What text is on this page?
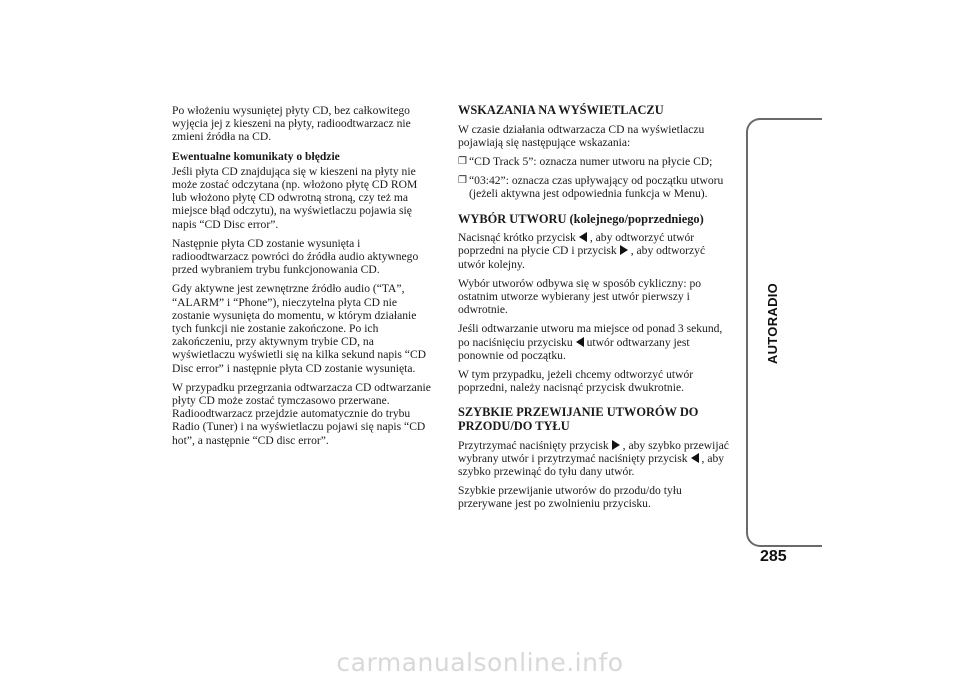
Po włożeniu wysuniętej płyty CD, bez całkowitego wyjęcia jej z kieszeni na płyty, radioodtwarzacz nie zmieni źródła na CD.

Ewentualne komunikaty o błędzie

Jeśli płyta CD znajdująca się w kieszeni na płyty nie może zostać odczytana (np. włożono płytę CD ROM lub włożono płytę CD odwrotną stroną, czy też ma miejsce błąd odczytu), na wyświetlaczu pojawia się napis “CD Disc error”.

Następnie płyta CD zostanie wysunięta i radioodtwarzacz powróci do źródła audio aktywnego przed wybraniem trybu funkcjonowania CD.

Gdy aktywne jest zewnętrzne źródło audio (“TA”, “ALARM” i “Phone”), nieczytelna płyta CD nie zostanie wysunięta do momentu, w którym działanie tych funkcji nie zostanie zakończone. Po ich zakończeniu, przy aktywnym trybie CD, na wyświetlaczu wyświetli się na kilka sekund napis “CD Disc error” i następnie płyta CD zostanie wysunięta.

W przypadku przegrzania odtwarzacza CD odtwarzanie płyty CD może zostać tymczasowo przerwane. Radioodtwarzacz przejdzie automatycznie do trybu Radio (Tuner) i na wyświetlaczu pojawi się napis “CD hot”, a następnie “CD disc error”.

WSKAZANIA NA WYŚWIETLACZU

W czasie działania odtwarzacza CD na wyświetlaczu pojawiają się następujące wskazania:

❐ “CD Track 5”: oznacza numer utworu na płycie CD;
❐ “03:42”: oznacza czas upływający od początku utworu (jeżeli aktywna jest odpowiednia funkcja w Menu).
WYBÓR UTWORU (kolejnego/poprzedniego)

Nacisnąć krótko przycisk , aby odtworzyć utwór poprzedni na płycie CD i przycisk , aby odtworzyć utwór kolejny.

Wybór utworów odbywa się w sposób cykliczny: po ostatnim utworze wybierany jest utwór pierwszy i odwrotnie.

Jeśli odtwarzanie utworu ma miejsce od ponad 3 sekund, po naciśnięciu przycisku utwór odtwarzany jest ponownie od początku.

W tym przypadku, jeżeli chcemy odtworzyć utwór poprzedni, należy nacisnąć przycisk dwukrotnie.

SZYBKIE PRZEWIJANIE UTWORÓW DO PRZODU/DO TYŁU

Przytrzymać naciśnięty przycisk , aby szybko przewijać wybrany utwór i przytrzymać naciśnięty przycisk , aby szybko przewinąć do tyłu dany utwór.

Szybkie przewijanie utworów do przodu/do tyłu przerywane jest po zwolnieniu przycisku.

AUTORADIO
285
carmanualsonline.info
